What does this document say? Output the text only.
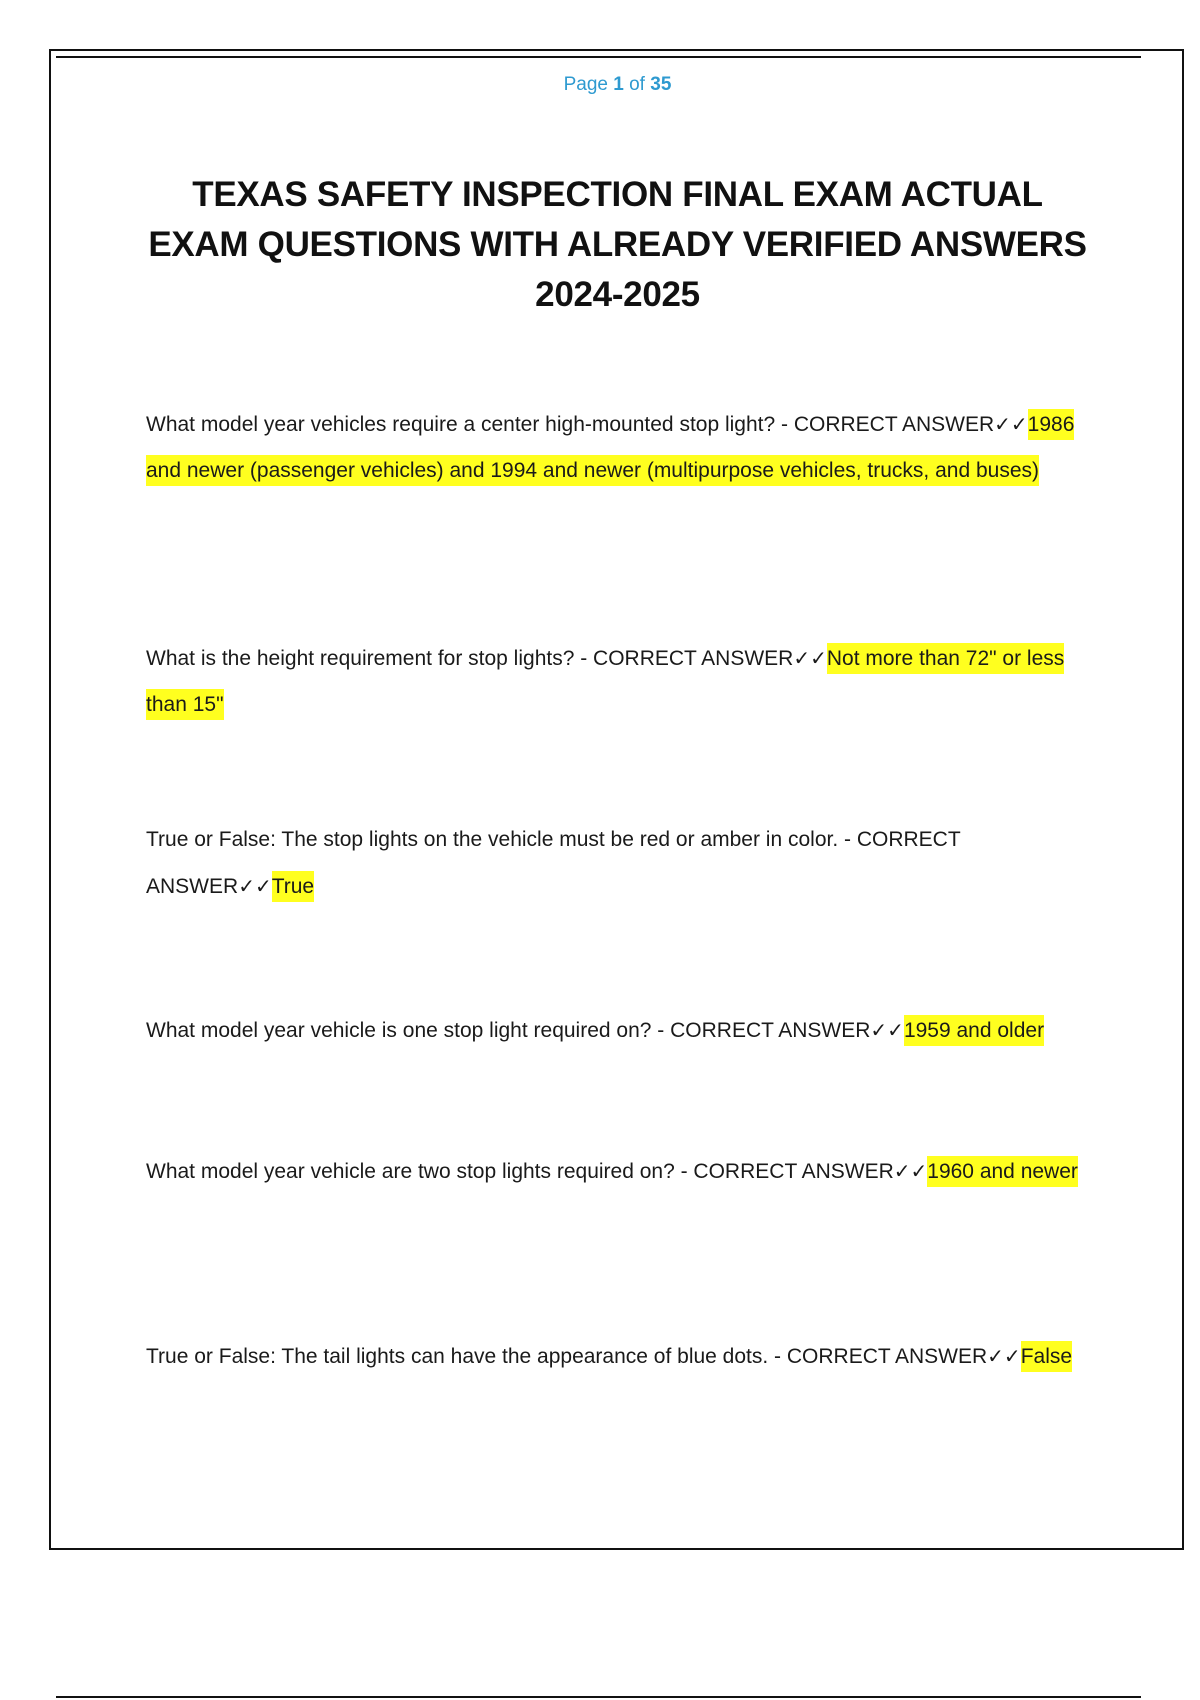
Page 1 of 35
TEXAS SAFETY INSPECTION FINAL EXAM ACTUAL EXAM QUESTIONS WITH ALREADY VERIFIED ANSWERS 2024-2025

What model year vehicles require a center high-mounted stop light? - CORRECT ANSWER✓✓1986 and newer (passenger vehicles) and 1994 and newer (multipurpose vehicles, trucks, and buses)

What is the height requirement for stop lights? - CORRECT ANSWER✓✓Not more than 72" or less than 15"

True or False: The stop lights on the vehicle must be red or amber in color. - CORRECT ANSWER✓✓True

What model year vehicle is one stop light required on? - CORRECT ANSWER✓✓1959 and older

What model year vehicle are two stop lights required on? - CORRECT ANSWER✓✓1960 and newer

True or False: The tail lights can have the appearance of blue dots. - CORRECT ANSWER✓✓False
